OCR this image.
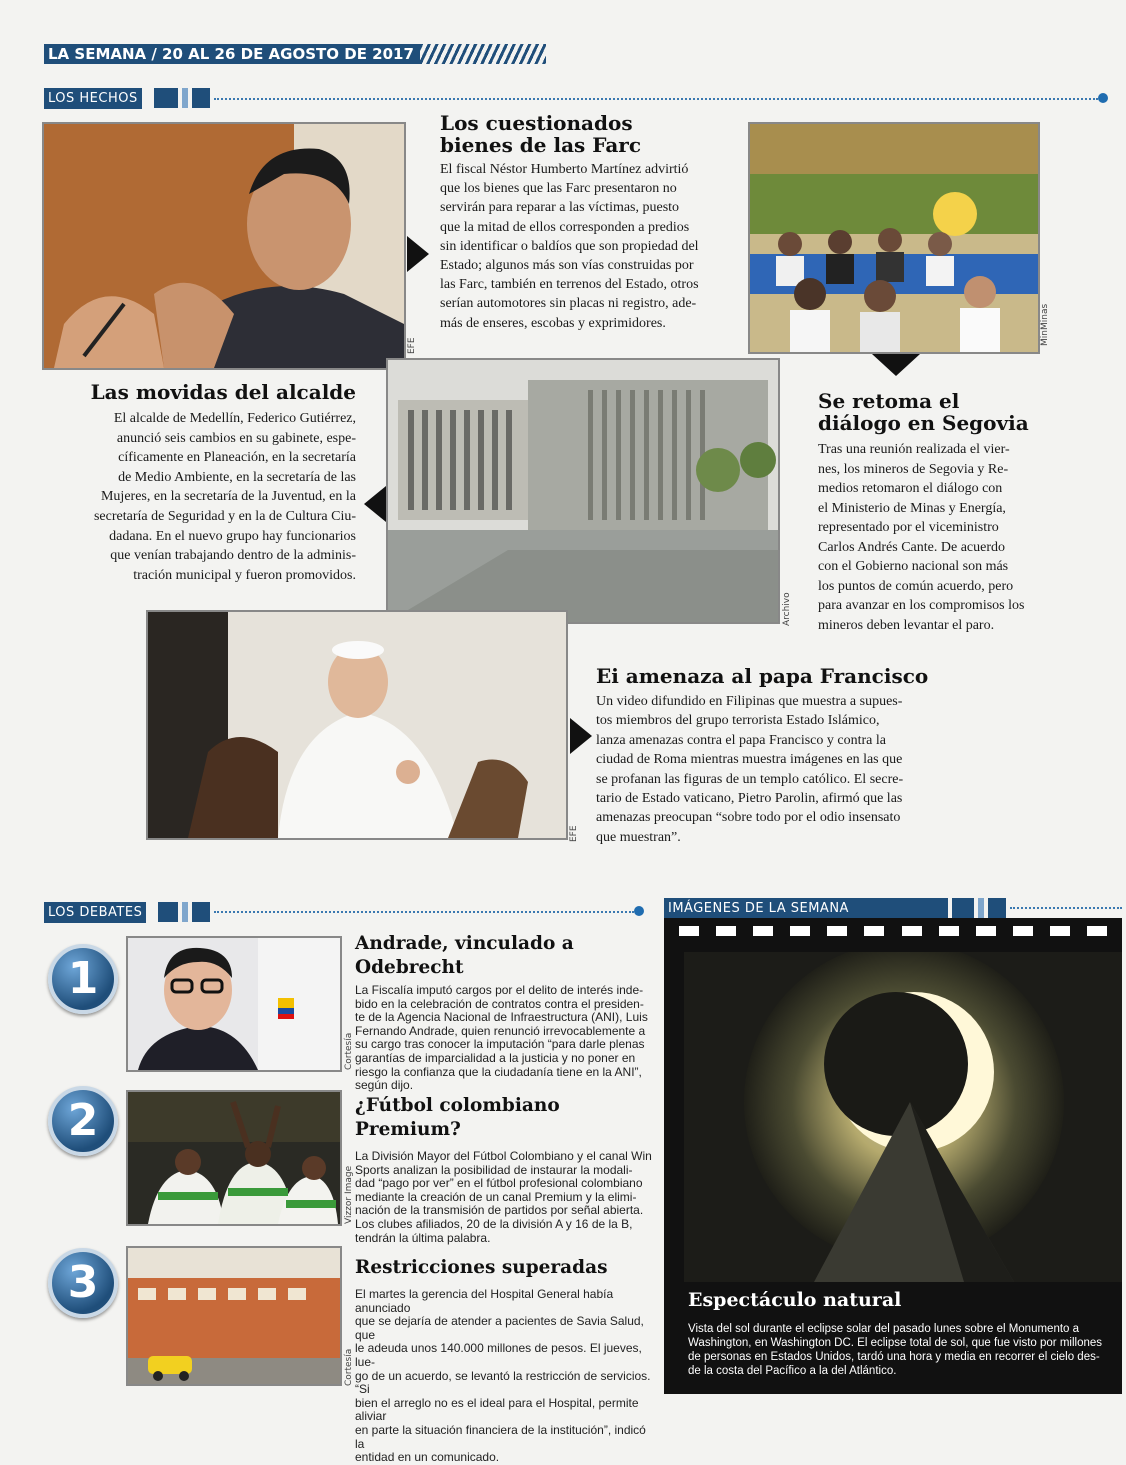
LA SEMANA / 20 AL 26 DE AGOSTO DE 2017
LOS HECHOS
EFE
Los cuestionados
bienes de las Farc
El fiscal Néstor Humberto Martínez advirtió
que los bienes que las Farc presentaron no
servirán para reparar a las víctimas, puesto
que la mitad de ellos corresponden a predios
sin identificar o baldíos que son propiedad del
Estado; algunos más son vías construidas por
las Farc, también en terrenos del Estado, otros
serían automotores sin placas ni registro, ade-
más de enseres, escobas y exprimidores.	MinMinas
Las movidas del alcalde
El alcalde de Medellín, Federico Gutiérrez,
anunció seis cambios en su gabinete, espe-
cíficamente en Planeación, en la secretaría
de Medio Ambiente, en la secretaría de las
Mujeres, en la secretaría de la Juventud, en la
secretaría de Seguridad y en la de Cultura Ciu-
dadana. En el nuevo grupo hay funcionarios
que venían trabajando dentro de la adminis-
tración municipal y fueron promovidos.
Archivo
Se retoma el
diálogo en Segovia
Tras una reunión realizada el vier-
nes, los mineros de Segovia y Re-
medios retomaron el diálogo con
el Ministerio de Minas y Energía,
representado por el viceministro
Carlos Andrés Cante. De acuerdo
con el Gobierno nacional son más
los puntos de común acuerdo, pero
para avanzar en los compromisos los
mineros deben levantar el paro.
EFE
Ei amenaza al papa Francisco
Un video difundido en Filipinas que muestra a supues-
tos miembros del grupo terrorista Estado Islámico,
lanza amenazas contra el papa Francisco y contra la
ciudad de Roma mientras muestra imágenes en las que
se profanan las figuras de un templo católico. El secre-
tario de Estado vaticano, Pietro Parolin, afirmó que las
amenazas preocupan “sobre todo por el odio insensato
que muestran”.
LOS DEBATES
1
Cortesía
Andrade, vinculado a Odebrecht
La Fiscalía imputó cargos por el delito de interés inde-
bido en la celebración de contratos contra el presiden-
te de la Agencia Nacional de Infraestructura (ANI), Luis
Fernando Andrade, quien renunció irrevocablemente a
su cargo tras conocer la imputación “para darle plenas
garantías de imparcialidad a la justicia y no poner en
riesgo la confianza que la ciudadanía tiene en la ANI”,
según dijo.
2
Vizzor Image
¿Fútbol colombiano Premium?
La División Mayor del Fútbol Colombiano y el canal Win
Sports analizan la posibilidad de instaurar la modali-
dad “pago por ver” en el fútbol profesional colombiano
mediante la creación de un canal Premium y la elimi-
nación de la transmisión de partidos por señal abierta.
Los clubes afiliados, 20 de la división A y 16 de la B,
tendrán la última palabra.
3
Cortesía
Restricciones superadas
El martes la gerencia del Hospital General había anunciado
que se dejaría de atender a pacientes de Savia Salud, que
le adeuda unos 140.000 millones de pesos. El jueves, lue-
go de un acuerdo, se levantó la restricción de servicios. “Si
bien el arreglo no es el ideal para el Hospital, permite aliviar
en parte la situación financiera de la institución”, indicó la
entidad en un comunicado.
IMÁGENES DE LA SEMANA
Espectáculo natural
Vista del sol durante el eclipse solar del pasado lunes sobre el Monumento a
Washington, en Washington DC. El eclipse total de sol, que fue visto por millones
de personas en Estados Unidos, tardó una hora y media en recorrer el cielo des-
de la costa del Pacífico a la del Atlántico.
